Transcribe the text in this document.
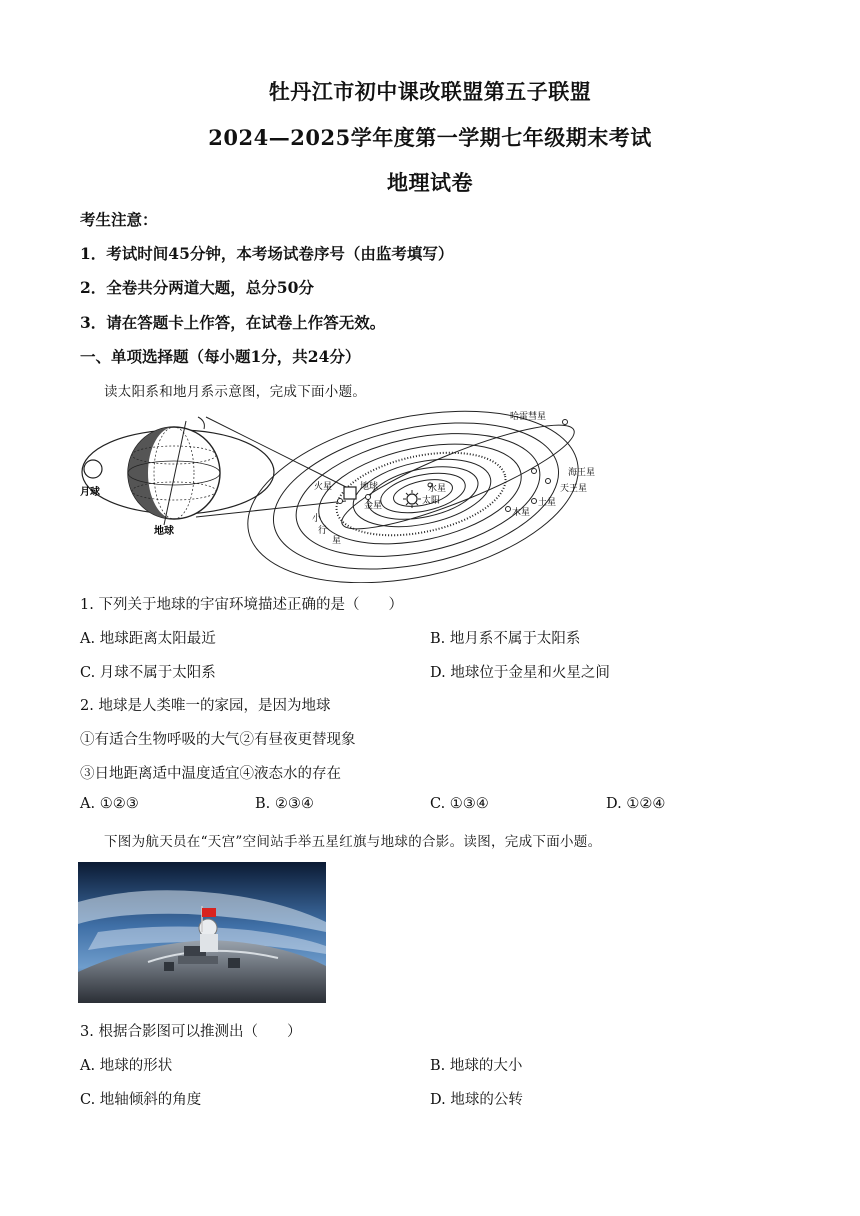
牡丹江市初中课改联盟第五子联盟
2024—2025学年度第一学期七年级期末考试
地理试卷
考生注意：
1．考试时间45分钟，本考场试卷序号（由监考填写）
2．全卷共分两道大题，总分50分
3．请在答题卡上作答，在试卷上作答无效。
一、单项选择题（每小题1分，共24分）
读太阳系和地月系示意图，完成下面小题。
月球
地球
哈雷彗星
海王星
天王星
土星
木星
火星	地球
金星
水星
太阳
小
行
星
1. 下列关于地球的宇宙环境描述正确的是（　　）
A. 地球距离太阳最近	B. 地月系不属于太阳系
C. 月球不属于太阳系	D. 地球位于金星和火星之间
2. 地球是人类唯一的家园，是因为地球
①有适合生物呼吸的大气②有昼夜更替现象
③日地距离适中温度适宜④液态水的存在
A. ①②③	B. ②③④	C. ①③④	D. ①②④
下图为航天员在“天宫”空间站手举五星红旗与地球的合影。读图，完成下面小题。
3. 根据合影图可以推测出（　　）
A. 地球的形状	B. 地球的大小
C. 地轴倾斜的角度	D. 地球的公转
